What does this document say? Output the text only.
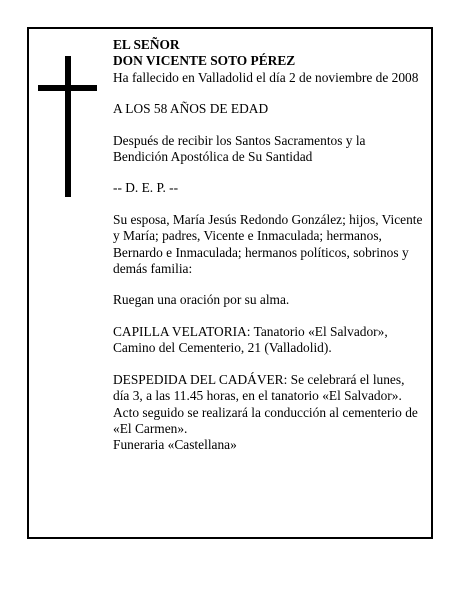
EL SEÑOR

DON VICENTE SOTO PÉREZ

Ha fallecido en Valladolid el día 2 de noviembre de 2008

A LOS 58 AÑOS DE EDAD

Después de recibir los Santos Sacramentos y la Bendición Apostólica de Su Santidad

-- D. E. P. --

Su esposa, María Jesús Redondo González; hijos, Vicente y María; padres, Vicente e Inmaculada; hermanos, Bernardo e Inmaculada; hermanos políticos, sobrinos y demás familia:

Ruegan una oración por su alma.

CAPILLA VELATORIA: Tanatorio «El Salvador», Camino del Cementerio, 21 (Valladolid).

DESPEDIDA DEL CADÁVER: Se celebrará el lunes, día 3, a las 11.45 horas, en el tanatorio «El Salvador». Acto seguido se realizará la conducción al cementerio de «El Carmen».

Funeraria «Castellana»
